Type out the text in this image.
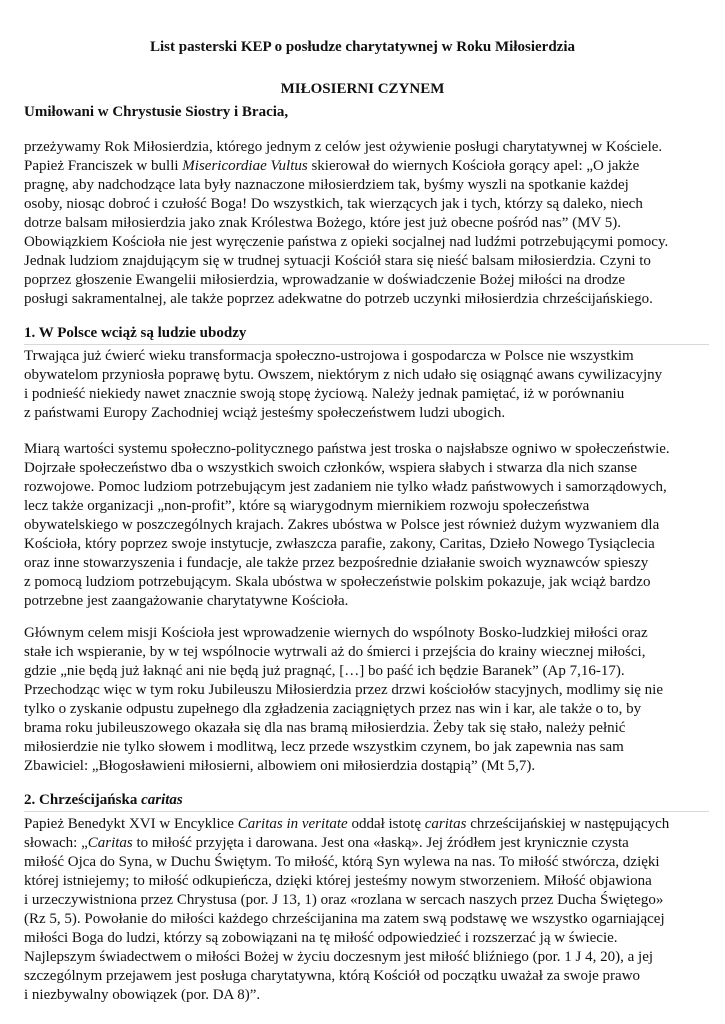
List pasterski KEP o posłudze charytatywnej w Roku Miłosierdzia
MIŁOSIERNI CZYNEM
Umiłowani w Chrystusie Siostry i Bracia,
przeżywamy Rok Miłosierdzia, którego jednym z celów jest ożywienie posługi charytatywnej w Kościele.
Papież Franciszek w bulli Misericordiae Vultus skierował do wiernych Kościoła gorący apel: „O jakże
pragnę, aby nadchodzące lata były naznaczone miłosierdziem tak, byśmy wyszli na spotkanie każdej
osoby, niosąc dobroć i czułość Boga! Do wszystkich, tak wierzących jak i tych, którzy są daleko, niech
dotrze balsam miłosierdzia jako znak Królestwa Bożego, które jest już obecne pośród nas” (MV 5).
Obowiązkiem Kościoła nie jest wyręczenie państwa z opieki socjalnej nad ludźmi potrzebującymi pomocy.
Jednak ludziom znajdującym się w trudnej sytuacji Kościół stara się nieść balsam miłosierdzia. Czyni to
poprzez głoszenie Ewangelii miłosierdzia, wprowadzanie w doświadczenie Bożej miłości na drodze
posługi sakramentalnej, ale także poprzez adekwatne do potrzeb uczynki miłosierdzia chrześcijańskiego.
1. W Polsce wciąż są ludzie ubodzy
Trwająca już ćwierć wieku transformacja społeczno-ustrojowa i gospodarcza w Polsce nie wszystkim
obywatelom przyniosła poprawę bytu. Owszem, niektórym z nich udało się osiągnąć awans cywilizacyjny
i podnieść niekiedy nawet znacznie swoją stopę życiową. Należy jednak pamiętać, iż w porównaniu
z państwami Europy Zachodniej wciąż jesteśmy społeczeństwem ludzi ubogich.
Miarą wartości systemu społeczno-politycznego państwa jest troska o najsłabsze ogniwo w społeczeństwie.
Dojrzałe społeczeństwo dba o wszystkich swoich członków, wspiera słabych i stwarza dla nich szanse
rozwojowe. Pomoc ludziom potrzebującym jest zadaniem nie tylko władz państwowych i samorządowych,
lecz także organizacji „non-profit”, które są wiarygodnym miernikiem rozwoju społeczeństwa
obywatelskiego w poszczególnych krajach. Zakres ubóstwa w Polsce jest również dużym wyzwaniem dla
Kościoła, który poprzez swoje instytucje, zwłaszcza parafie, zakony, Caritas, Dzieło Nowego Tysiąclecia
oraz inne stowarzyszenia i fundacje, ale także przez bezpośrednie działanie swoich wyznawców spieszy
z pomocą ludziom potrzebującym. Skala ubóstwa w społeczeństwie polskim pokazuje, jak wciąż bardzo
potrzebne jest zaangażowanie charytatywne Kościoła.
Głównym celem misji Kościoła jest wprowadzenie wiernych do wspólnoty Bosko-ludzkiej miłości oraz
stałe ich wspieranie, by w tej wspólnocie wytrwali aż do śmierci i przejścia do krainy wiecznej miłości,
gdzie „nie będą już łaknąć ani nie będą już pragnąć, […] bo paść ich będzie Baranek” (Ap 7,16-17).
Przechodząc więc w tym roku Jubileuszu Miłosierdzia przez drzwi kościołów stacyjnych, modlimy się nie
tylko o zyskanie odpustu zupełnego dla zgładzenia zaciągniętych przez nas win i kar, ale także o to, by
brama roku jubileuszowego okazała się dla nas bramą miłosierdzia. Żeby tak się stało, należy pełnić
miłosierdzie nie tylko słowem i modlitwą, lecz przede wszystkim czynem, bo jak zapewnia nas sam
Zbawiciel: „Błogosławieni miłosierni, albowiem oni miłosierdzia dostąpią” (Mt 5,7).
2. Chrześcijańska caritas
Papież Benedykt XVI w Encyklice Caritas in veritate oddał istotę caritas chrześcijańskiej w następujących
słowach: „Caritas to miłość przyjęta i darowana. Jest ona «łaską». Jej źródłem jest krynicznie czysta
miłość Ojca do Syna, w Duchu Świętym. To miłość, którą Syn wylewa na nas. To miłość stwórcza, dzięki
której istniejemy; to miłość odkupieńcza, dzięki której jesteśmy nowym stworzeniem. Miłość objawiona
i urzeczywistniona przez Chrystusa (por. J 13, 1) oraz «rozlana w sercach naszych przez Ducha Świętego»
(Rz 5, 5). Powołanie do miłości każdego chrześcijanina ma zatem swą podstawę we wszystko ogarniającej
miłości Boga do ludzi, którzy są zobowiązani na tę miłość odpowiedzieć i rozszerzać ją w świecie.
Najlepszym świadectwem o miłości Bożej w życiu doczesnym jest miłość bliźniego (por. 1 J 4, 20), a jej
szczególnym przejawem jest posługa charytatywna, którą Kościół od początku uważał za swoje prawo
i niezbywalny obowiązek (por. DA 8)”.
